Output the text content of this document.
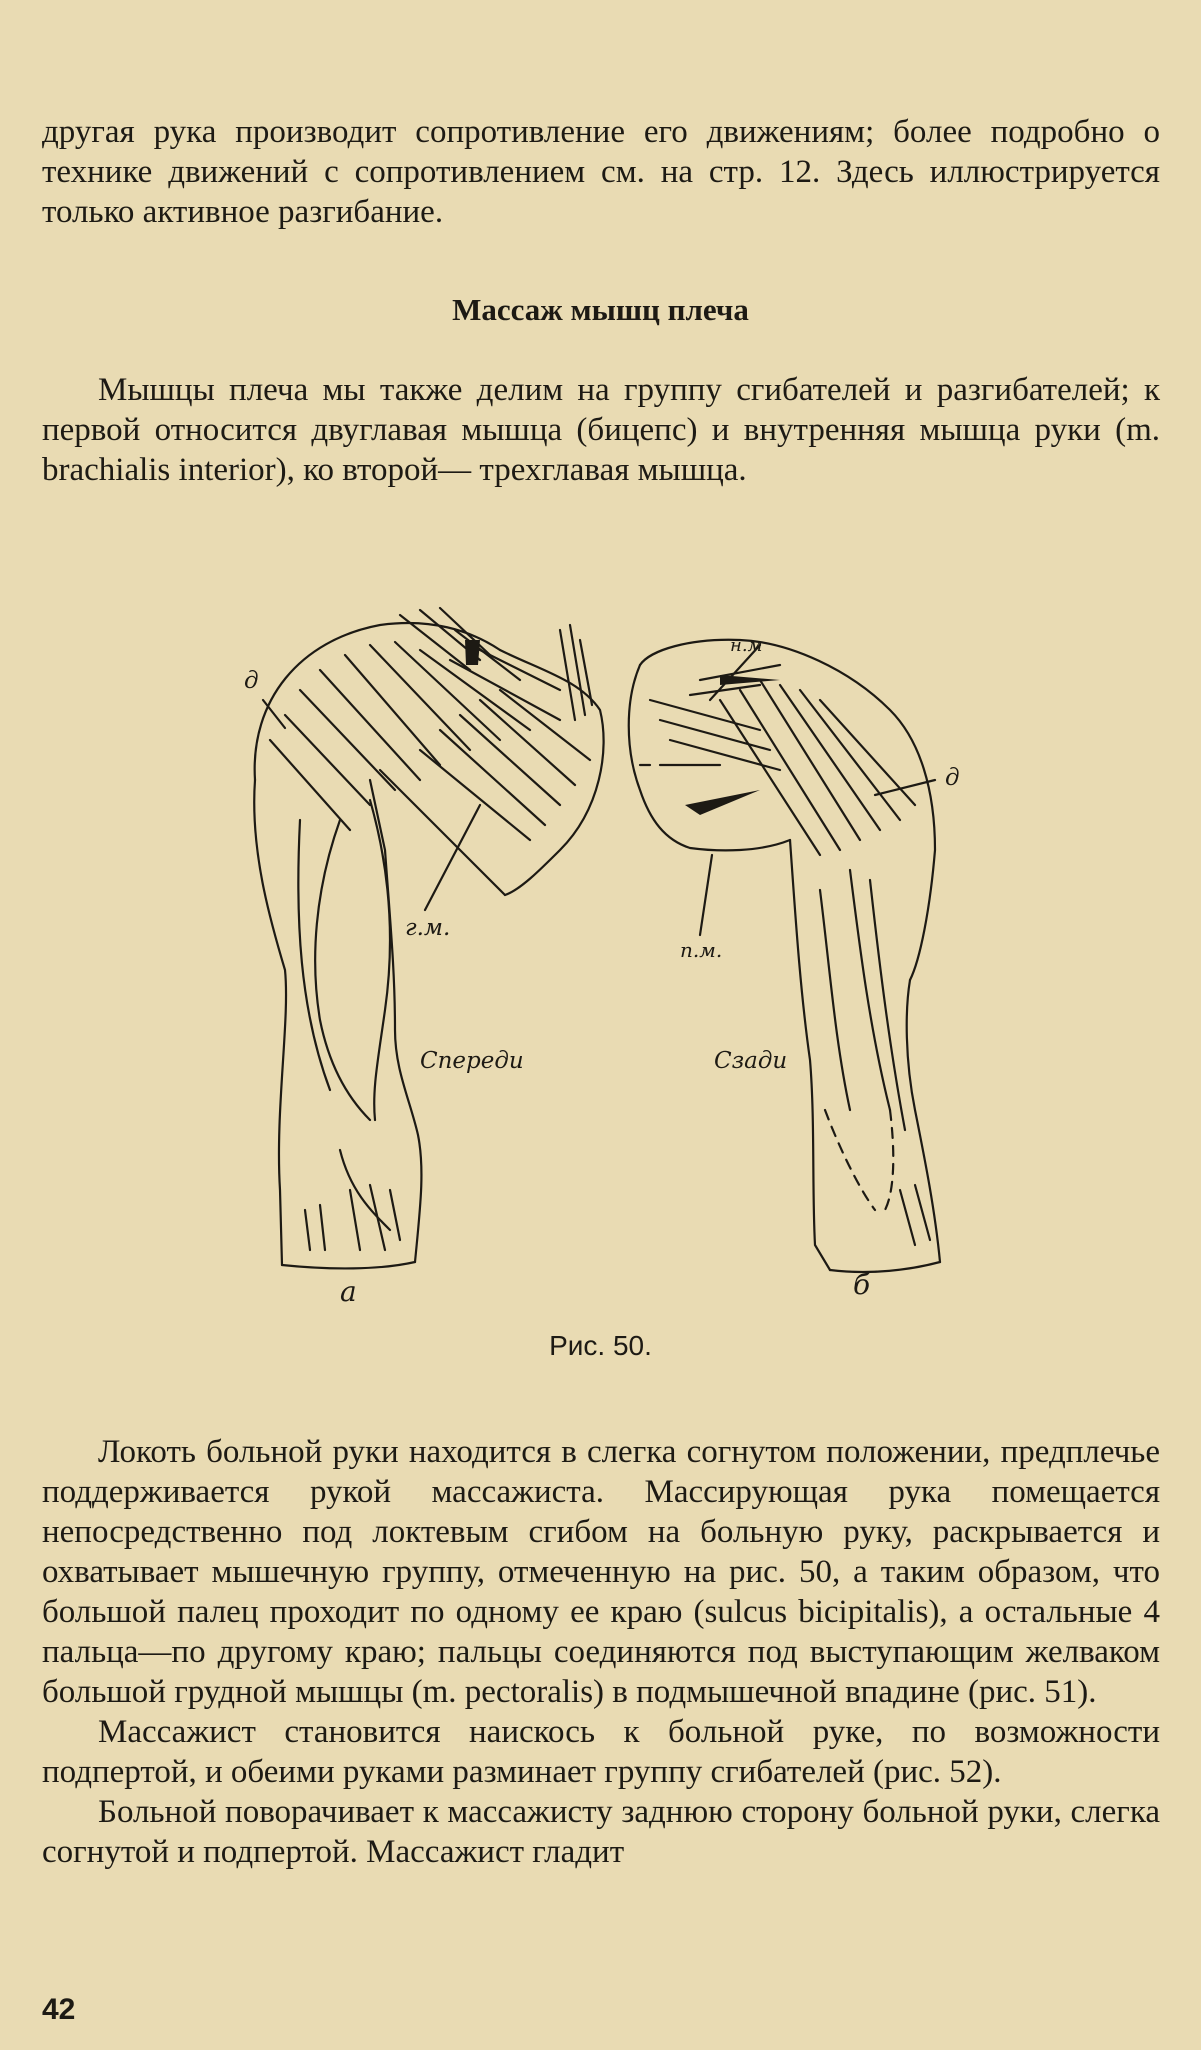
другая рука производит сопротивление его движениям; более подробно о технике движений с сопротивлением см. на стр. 12. Здесь иллюстрируется только активное разгибание.

Массаж мышц плеча

Мышцы плеча мы также делим на группу сгибателей и разгибателей; к первой относится двуглавая мышца (бицепс) и внутренняя мышца руки (m. brachialis interior), ко второй— трехглавая мышца.

д
г.м.
Спереди
а
н.м
д
п.м.
Сзади
б
Рис. 50.

Локоть больной руки находится в слегка согнутом положении, предплечье поддерживается рукой массажиста. Массирующая рука помещается непосредственно под локтевым сгибом на больную руку, раскрывается и охватывает мышечную группу, отмеченную на рис. 50, а таким образом, что большой палец проходит по одному ее краю (sulcus bicipitalis), а остальные 4 пальца—по другому краю; пальцы соединяются под выступающим желваком большой грудной мышцы (m. pectoralis) в подмышечной впадине (рис. 51).

Массажист становится наискось к больной руке, по возможности подпертой, и обеими руками разминает группу сгибателей (рис. 52).

Больной поворачивает к массажисту заднюю сторону больной руки, слегка согнутой и подпертой. Массажист гладит

42
